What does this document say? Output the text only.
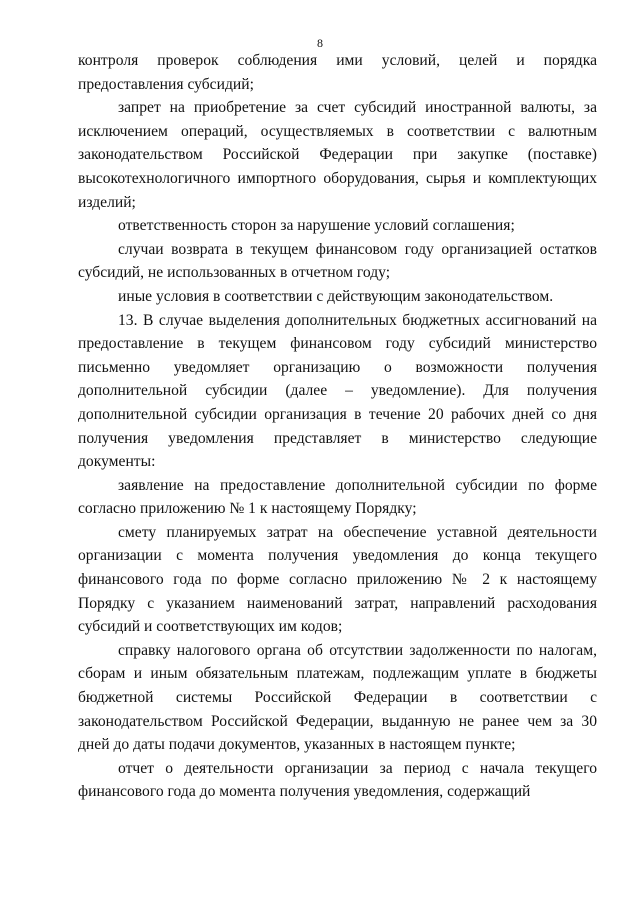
8

контроля проверок соблюдения ими условий, целей и порядка предоставления субсидий;

запрет на приобретение за счет субсидий иностранной валюты, за исключением операций, осуществляемых в соответствии с валютным законодательством Российской Федерации при закупке (поставке) высокотехнологичного импортного оборудования, сырья и комплектующих изделий;

ответственность сторон за нарушение условий соглашения;

случаи возврата в текущем финансовом году организацией остатков субсидий, не использованных в отчетном году;

иные условия в соответствии с действующим законодательством.

13. В случае выделения дополнительных бюджетных ассигнований на предоставление в текущем финансовом году субсидий министерство письменно уведомляет организацию о возможности получения дополнительной субсидии (далее – уведомление). Для получения дополнительной субсидии организация в течение 20 рабочих дней со дня получения уведомления представляет в министерство следующие документы:

заявление на предоставление дополнительной субсидии по форме согласно приложению № 1 к настоящему Порядку;

смету планируемых затрат на обеспечение уставной деятельности организации с момента получения уведомления до конца текущего финансового года по форме согласно приложению № 2 к настоящему Порядку с указанием наименований затрат, направлений расходования субсидий и соответствующих им кодов;

справку налогового органа об отсутствии задолженности по налогам, сборам и иным обязательным платежам, подлежащим уплате в бюджеты бюджетной системы Российской Федерации в соответствии с законодательством Российской Федерации, выданную не ранее чем за 30 дней до даты подачи документов, указанных в настоящем пункте;

отчет о деятельности организации за период с начала текущего финансового года до момента получения уведомления, содержащий
